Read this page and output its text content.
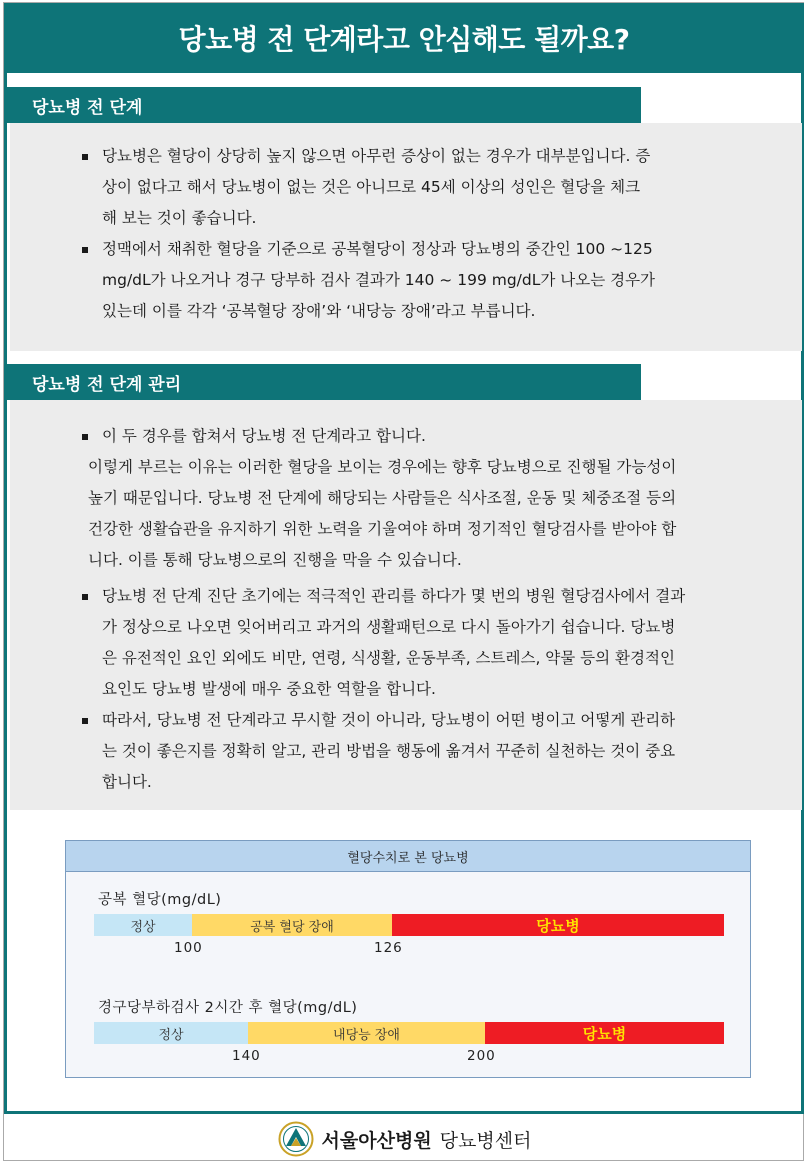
당뇨병 전 단계라고 안심해도 될까요?
당뇨병 전 단계
당뇨병은 혈당이 상당히 높지 않으면 아무런 증상이 없는 경우가 대부분입니다. 증
상이 없다고 해서 당뇨병이 없는 것은 아니므로 45세 이상의 성인은 혈당을 체크
해 보는 것이 좋습니다.
정맥에서 채취한 혈당을 기준으로 공복혈당이 정상과 당뇨병의 중간인 100 ~125
mg/dL가 나오거나 경구 당부하 검사 결과가 140 ~ 199 mg/dL가 나오는 경우가
있는데 이를 각각 ‘공복혈당 장애’와 ‘내당능 장애’라고 부릅니다.
당뇨병 전 단계 관리
이 두 경우를 합쳐서 당뇨병 전 단계라고 합니다.
이렇게 부르는 이유는 이러한 혈당을 보이는 경우에는 향후 당뇨병으로 진행될 가능성이
높기 때문입니다. 당뇨병 전 단계에 해당되는 사람들은 식사조절, 운동 및 체중조절 등의
건강한 생활습관을 유지하기 위한 노력을 기울여야 하며 정기적인 혈당검사를 받아야 합
니다. 이를 통해 당뇨병으로의 진행을 막을 수 있습니다.
당뇨병 전 단계 진단 초기에는 적극적인 관리를 하다가 몇 번의 병원 혈당검사에서 결과
가 정상으로 나오면 잊어버리고 과거의 생활패턴으로 다시 돌아가기 쉽습니다. 당뇨병
은 유전적인 요인 외에도 비만, 연령, 식생활, 운동부족, 스트레스, 약물 등의 환경적인
요인도 당뇨병 발생에 매우 중요한 역할을 합니다.
따라서, 당뇨병 전 단계라고 무시할 것이 아니라, 당뇨병이 어떤 병이고 어떻게 관리하
는 것이 좋은지를 정확히 알고, 관리 방법을 행동에 옮겨서 꾸준히 실천하는 것이 중요
합니다.
혈당수치로 본 당뇨병
공복 혈당(mg/dL)
정상	공복 혈당 장애	당뇨병
100	126
경구당부하검사 2시간 후 혈당(mg/dL)
정상	내당능 장애	당뇨병
140	200
서울아산병원 당뇨병센터
